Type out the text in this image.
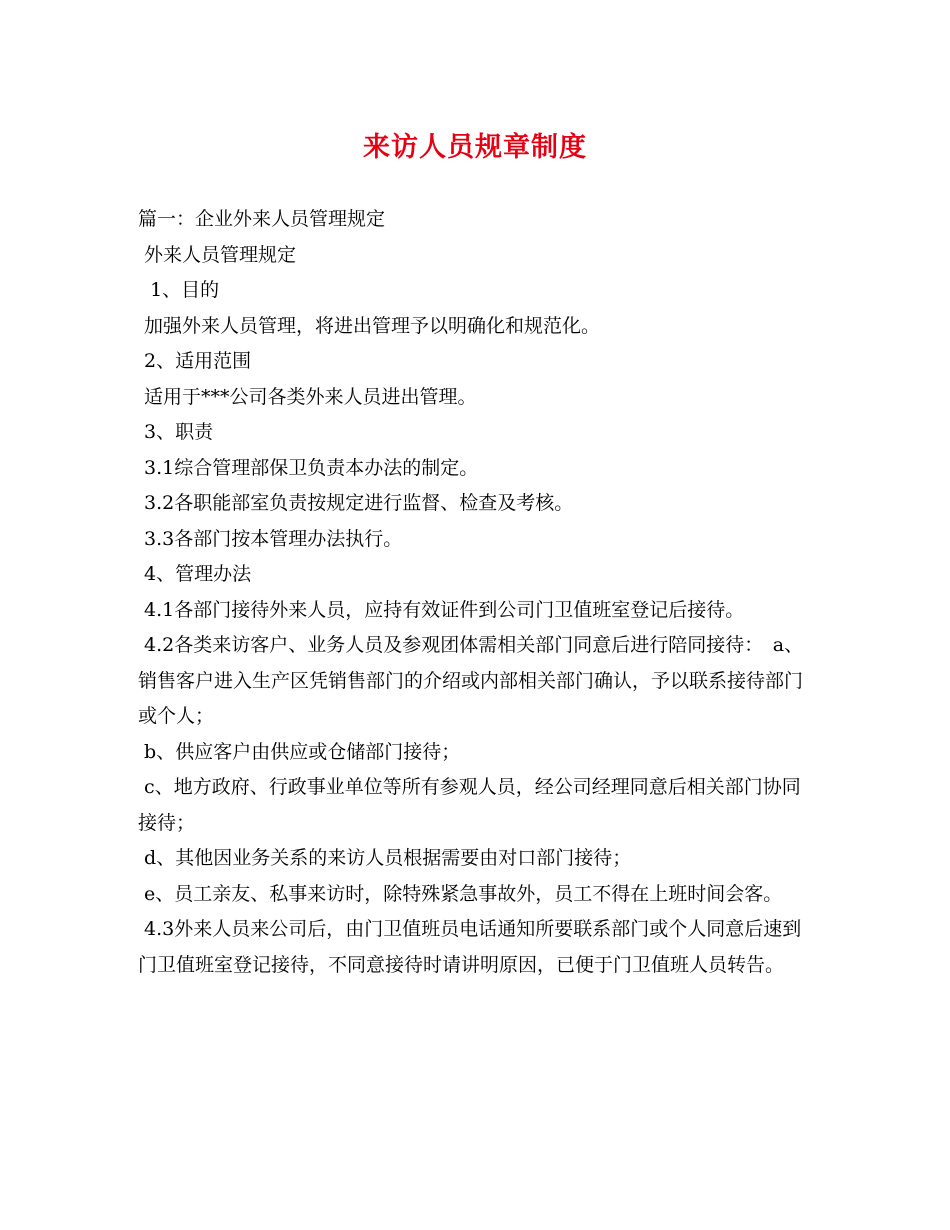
来访人员规章制度

篇一：企业外来人员管理规定

外来人员管理规定

1、目的

加强外来人员管理，将进出管理予以明确化和规范化。

2、适用范围

适用于***公司各类外来人员进出管理。

3、职责

3.1综合管理部保卫负责本办法的制定。

3.2各职能部室负责按规定进行监督、检查及考核。

3.3各部门按本管理办法执行。

4、管理办法

4.1各部门接待外来人员，应持有效证件到公司门卫值班室登记后接待。

4.2各类来访客户、业务人员及参观团体需相关部门同意后进行陪同接待：　a、销售客户进入生产区凭销售部门的介绍或内部相关部门确认，予以联系接待部门或个人；

b、供应客户由供应或仓储部门接待；

c、地方政府、行政事业单位等所有参观人员，经公司经理同意后相关部门协同接待；

d、其他因业务关系的来访人员根据需要由对口部门接待；

e、员工亲友、私事来访时，除特殊紧急事故外，员工不得在上班时间会客。

4.3外来人员来公司后，由门卫值班员电话通知所要联系部门或个人同意后速到门卫值班室登记接待，不同意接待时请讲明原因，已便于门卫值班人员转告。
